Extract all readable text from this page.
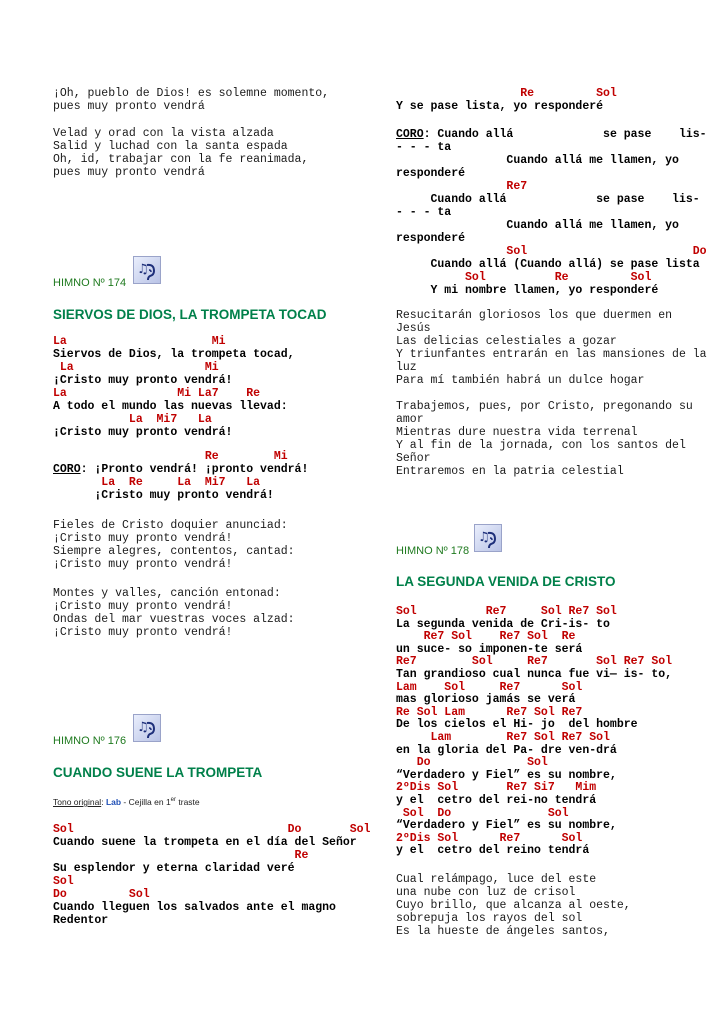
¡Oh, pueblo de Dios! es solemne momento,
pues muy pronto vendrá
Velad y orad con la vista alzada
Salid y luchad con la santa espada
Oh, id, trabajar con la fe reanimada,
pues muy pronto vendrá
♫
HIMNO Nº 174
SIERVOS DE DIOS, LA TROMPETA TOCAD
La                     Mi
Siervos de Dios, la trompeta tocad,
La                   Mi
¡Cristo muy pronto vendrá!
La                Mi La7    Re
A todo el mundo las nuevas llevad:
La  Mi7   La
¡Cristo muy pronto vendrá!
Re        Mi
CORO: ¡Pronto vendrá! ¡pronto vendrá!
La  Re     La  Mi7   La
¡Cristo muy pronto vendrá!
Fieles de Cristo doquier anunciad:
¡Cristo muy pronto vendrá!
Siempre alegres, contentos, cantad:
¡Cristo muy pronto vendrá!
Montes y valles, canción entonad:
¡Cristo muy pronto vendrá!
Ondas del mar vuestras voces alzad:
¡Cristo muy pronto vendrá!
♫
HIMNO Nº 176
CUANDO SUENE LA TROMPETA
Tono original: Lab - Cejilla en 1er traste
Sol                               Do       Sol
Cuando suene la trompeta en el día del Señor
Re
Su esplendor y eterna claridad veré
Sol
Do         Sol
Cuando lleguen los salvados ante el magno
Redentor
Re         Sol
Y se pase lista, yo responderé
CORO: Cuando allá             se pase    lis-
- - - ta
Cuando allá me llamen, yo
responderé
Re7
Cuando allá             se pase    lis-
- - - ta
Cuando allá me llamen, yo
responderé
Sol                        Do
Cuando allá (Cuando allá) se pase lista
Sol          Re         Sol
Y mi nombre llamen, yo responderé
Resucitarán gloriosos los que duermen en
Jesús
Las delicias celestiales a gozar
Y triunfantes entrarán en las mansiones de la
luz
Para mí también habrá un dulce hogar
Trabajemos, pues, por Cristo, pregonando su
amor
Mientras dure nuestra vida terrenal
Y al fin de la jornada, con los santos del
Señor
Entraremos en la patria celestial
♫
HIMNO Nº 178
LA SEGUNDA VENIDA DE CRISTO
Sol          Re7     Sol Re7 Sol
La segunda venida de Cri-is- to
Re7 Sol    Re7 Sol  Re
un suce- so imponen-te será
Re7        Sol     Re7       Sol Re7 Sol
Tan grandioso cual nunca fue vi— is- to,
Lam    Sol     Re7      Sol
mas glorioso jamás se verá
Re Sol Lam      Re7 Sol Re7
De los cielos el Hi- jo  del hombre
Lam        Re7 Sol Re7 Sol
en la gloria del Pa- dre ven-drá
Do              Sol
“Verdadero y Fiel” es su nombre,
2ºDis Sol       Re7 Si7   Mim
y el  cetro del rei-no tendrá
Sol  Do              Sol
“Verdadero y Fiel” es su nombre,
2ºDis Sol      Re7      Sol
y el  cetro del reino tendrá
Cual relámpago, luce del este
una nube con luz de crisol
Cuyo brillo, que alcanza al oeste,
sobrepuja los rayos del sol
Es la hueste de ángeles santos,
